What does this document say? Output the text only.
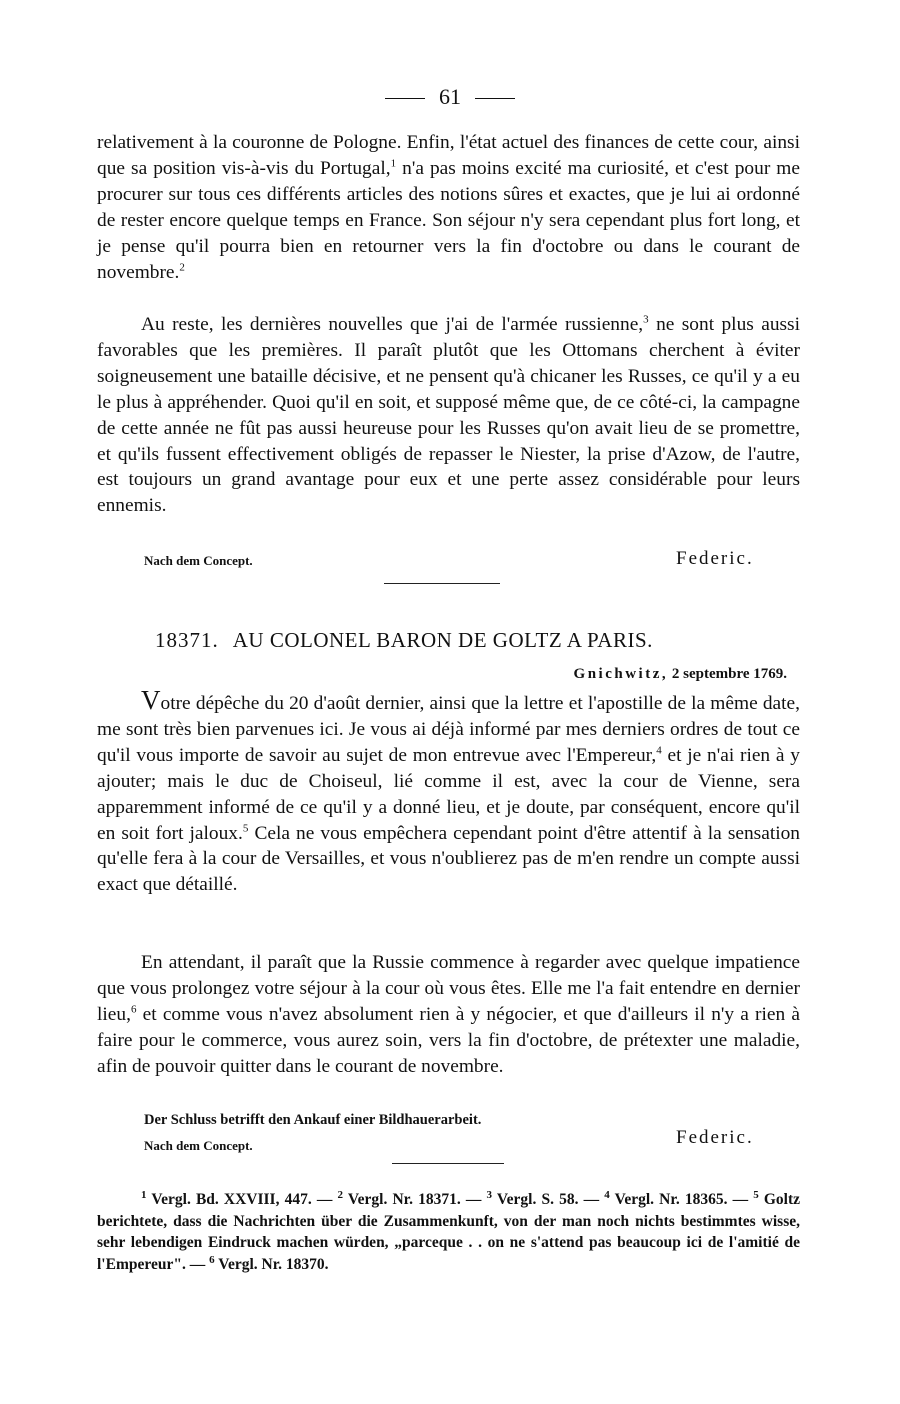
61

relativement à la couronne de Pologne. Enfin, l'état actuel des finances de cette cour, ainsi que sa position vis-à-vis du Portugal,$^1$ n'a pas moins excité ma curiosité, et c'est pour me procurer sur tous ces différents articles des notions sûres et exactes, que je lui ai ordonné de rester encore quelque temps en France. Son séjour n'y sera cependant plus fort long, et je pense qu'il pourra bien en retourner vers la fin d'octobre ou dans le courant de novembre.$^2$

Au reste, les dernières nouvelles que j'ai de l'armée russienne,$^3$ ne sont plus aussi favorables que les premières. Il paraît plutôt que les Ottomans cherchent à éviter soigneusement une bataille décisive, et ne pensent qu'à chicaner les Russes, ce qu'il y a eu le plus à appréhender. Quoi qu'il en soit, et supposé même que, de ce côté-ci, la campagne de cette année ne fût pas aussi heureuse pour les Russes qu'on avait lieu de se promettre, et qu'ils fussent effectivement obligés de repasser le Niester, la prise d'Azow, de l'autre, est toujours un grand avantage pour eux et une perte assez considérable pour leurs ennemis.

Nach dem Concept.	Federic.
18371. AU COLONEL BARON DE GOLTZ A PARIS.
Gnichwitz, 2 septembre 1769.

Votre dépêche du 20 d'août dernier, ainsi que la lettre et l'apostille de la même date, me sont très bien parvenues ici. Je vous ai déjà informé par mes derniers ordres de tout ce qu'il vous importe de savoir au sujet de mon entrevue avec l'Empereur,$^4$ et je n'ai rien à y ajouter; mais le duc de Choiseul, lié comme il est, avec la cour de Vienne, sera apparemment informé de ce qu'il y a donné lieu, et je doute, par conséquent, encore qu'il en soit fort jaloux.$^5$ Cela ne vous empêchera cependant point d'être attentif à la sensation qu'elle fera à la cour de Versailles, et vous n'oublierez pas de m'en rendre un compte aussi exact que détaillé.

En attendant, il paraît que la Russie commence à regarder avec quelque impatience que vous prolongez votre séjour à la cour où vous êtes. Elle me l'a fait entendre en dernier lieu,$^6$ et comme vous n'avez absolument rien à y négocier, et que d'ailleurs il n'y a rien à faire pour le commerce, vous aurez soin, vers la fin d'octobre, de prétexter une maladie, afin de pouvoir quitter dans le courant de novembre.

Der Schluss betrifft den Ankauf einer Bildhauerarbeit.
Nach dem Concept.	Federic.

$^1$ Vergl. Bd. XXVIII, 447. — $^2$ Vergl. Nr. 18371. — $^3$ Vergl. S. 58. — $^4$ Vergl. Nr. 18365. — $^5$ Goltz berichtete, dass die Nachrichten über die Zusammenkunft, von der man noch nichts bestimmtes wisse, sehr lebendigen Eindruck machen würden, „parceque . . on ne s'attend pas beaucoup ici de l'amitié de l'Empereur". — $^6$ Vergl. Nr. 18370.
